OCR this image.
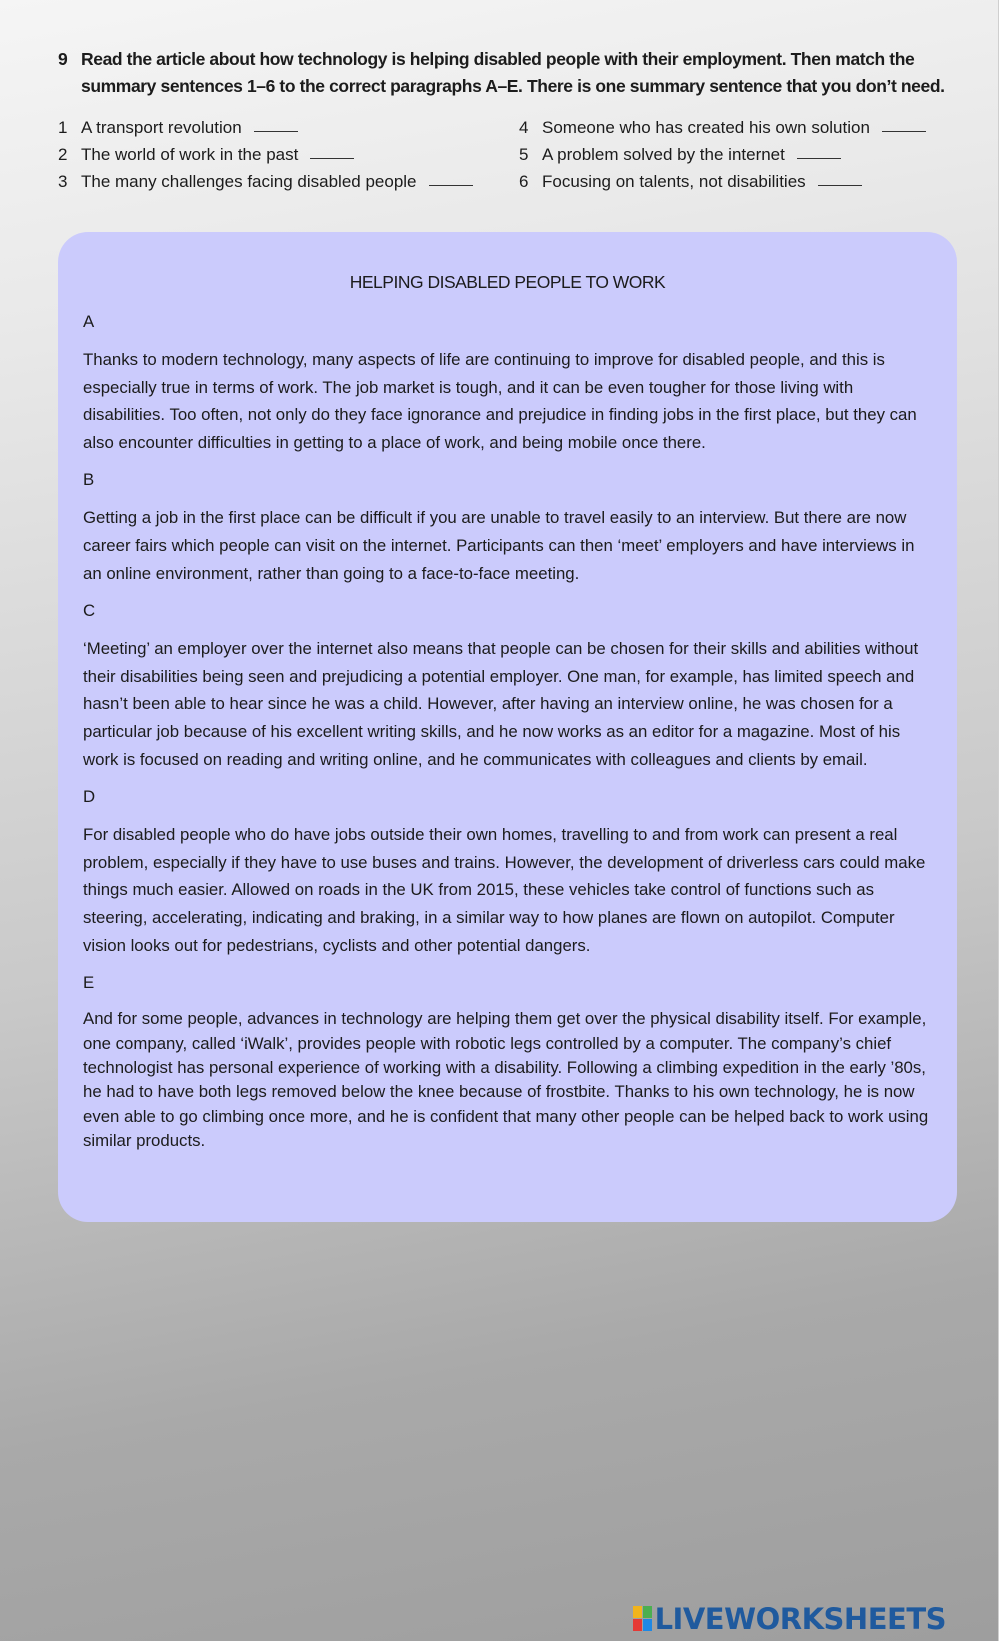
9 Read the article about how technology is helping disabled people with their employment. Then match the summary sentences 1–6 to the correct paragraphs A–E. There is one summary sentence that you don’t need.
1 A transport revolution
2 The world of work in the past
3 The many challenges facing disabled people
4 Someone who has created his own solution
5 A problem solved by the internet
6 Focusing on talents, not disabilities
HELPING DISABLED PEOPLE TO WORK
A
Thanks to modern technology, many aspects of life are continuing to improve for disabled people, and this is especially true in terms of work. The job market is tough, and it can be even tougher for those living with disabilities. Too often, not only do they face ignorance and prejudice in finding jobs in the first place, but they can also encounter difficulties in getting to a place of work, and being mobile once there.
B
Getting a job in the first place can be difficult if you are unable to travel easily to an interview. But there are now career fairs which people can visit on the internet. Participants can then ‘meet’ employers and have interviews in an online environment, rather than going to a face-to-face meeting.
C
‘Meeting’ an employer over the internet also means that people can be chosen for their skills and abilities without their disabilities being seen and prejudicing a potential employer. One man, for example, has limited speech and hasn’t been able to hear since he was a child. However, after having an interview online, he was chosen for a particular job because of his excellent writing skills, and he now works as an editor for a magazine. Most of his work is focused on reading and writing online, and he communicates with colleagues and clients by email.
D
For disabled people who do have jobs outside their own homes, travelling to and from work can present a real problem, especially if they have to use buses and trains. However, the development of driverless cars could make things much easier. Allowed on roads in the UK from 2015, these vehicles take control of functions such as steering, accelerating, indicating and braking, in a similar way to how planes are flown on autopilot. Computer vision looks out for pedestrians, cyclists and other potential dangers.
E
And for some people, advances in technology are helping them get over the physical disability itself. For example, one company, called ‘iWalk’, provides people with robotic legs controlled by a computer. The company’s chief technologist has personal experience of working with a disability. Following a climbing expedition in the early ’80s, he had to have both legs removed below the knee because of frostbite. Thanks to his own technology, he is now even able to go climbing once more, and he is confident that many other people can be helped back to work using similar products.
LIVEWORKSHEETS
